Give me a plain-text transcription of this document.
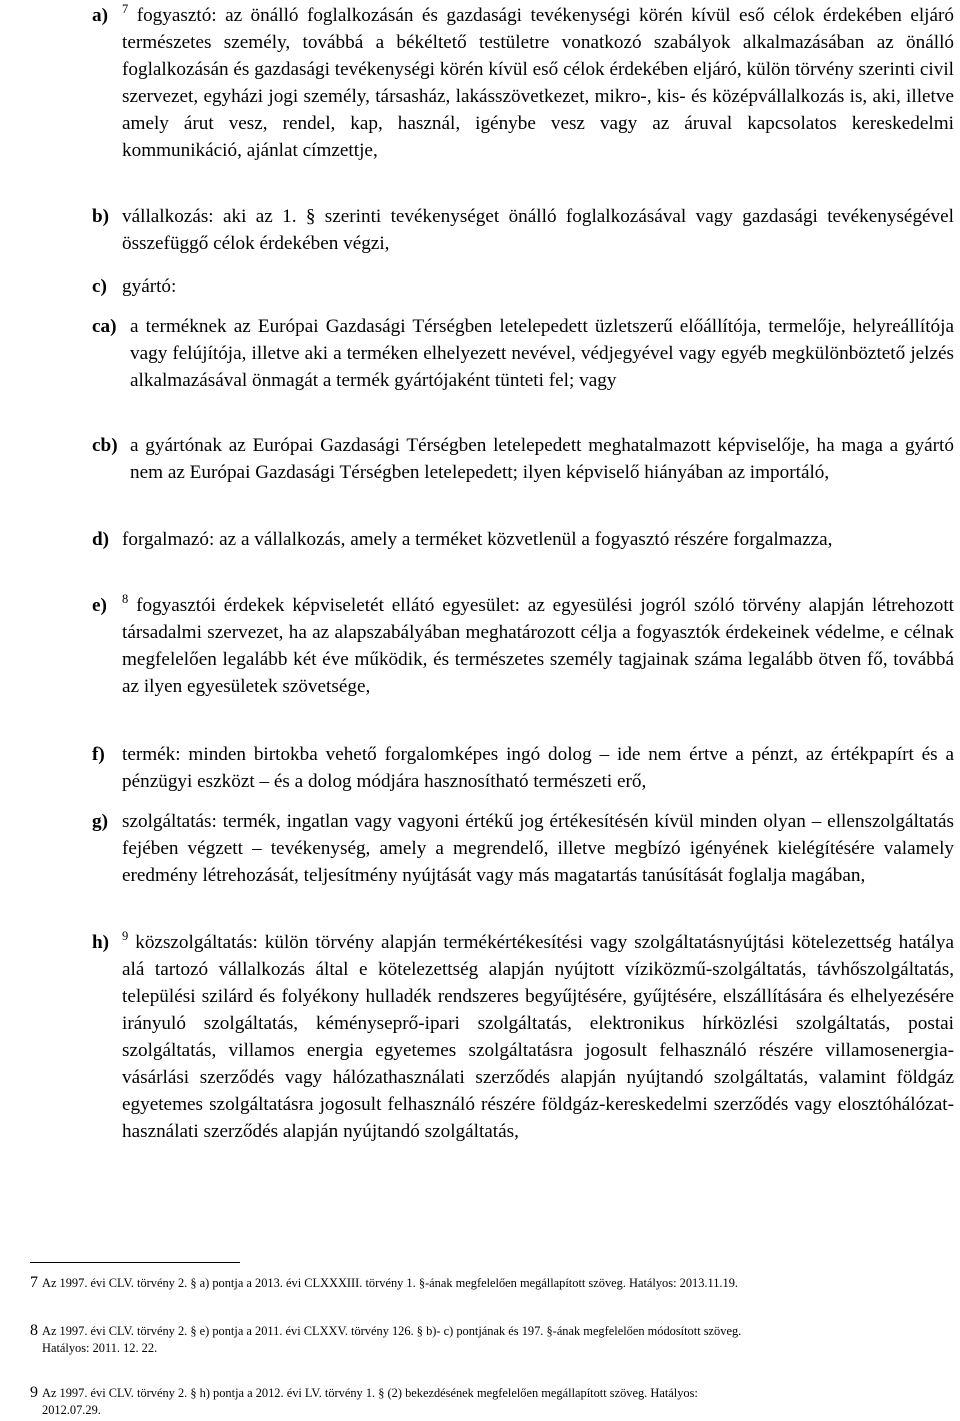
a)	$^7$ fogyasztó: az önálló foglalkozásán és gazdasági tevékenységi körén kívül eső célok érdekében eljáró természetes személy, továbbá a békéltető testületre vonatkozó szabályok alkalmazásában az önálló foglalkozásán és gazdasági tevékenységi körén kívül eső célok érdekében eljáró, külön törvény szerinti civil szervezet, egyházi jogi személy, társasház, lakásszövetkezet, mikro-, kis- és középvállalkozás is, aki, illetve amely árut vesz, rendel, kap, használ, igénybe vesz vagy az áruval kapcsolatos kereskedelmi kommunikáció, ajánlat címzettje,
b) vállalkozás: aki az 1. § szerinti tevékenységet önálló foglalkozásával vagy gazdasági tevékenységével összefüggő célok érdekében végzi,
c) gyártó:
ca) a terméknek az Európai Gazdasági Térségben letelepedett üzletszerű előállítója, termelője, helyreállítója vagy felújítója, illetve aki a terméken elhelyezett nevével, védjegyével vagy egyéb megkülönböztető jelzés alkalmazásával önmagát a termék gyártójaként tünteti fel; vagy
cb) a gyártónak az Európai Gazdasági Térségben letelepedett meghatalmazott képviselője, ha maga a gyártó nem az Európai Gazdasági Térségben letelepedett; ilyen képviselő hiányában az importáló,
d) forgalmazó: az a vállalkozás, amely a terméket közvetlenül a fogyasztó részére forgalmazza,
e)	$^8$ fogyasztói érdekek képviseletét ellátó egyesület: az egyesülési jogról szóló törvény alapján létrehozott társadalmi szervezet, ha az alapszabályában meghatározott célja a fogyasztók érdekeinek védelme, e célnak megfelelően legalább két éve működik, és természetes személy tagjainak száma legalább ötven fő, továbbá az ilyen egyesületek szövetsége,
f) termék: minden birtokba vehető forgalomképes ingó dolog – ide nem értve a pénzt, az értékpapírt és a pénzügyi eszközt – és a dolog módjára hasznosítható természeti erő,
g) szolgáltatás: termék, ingatlan vagy vagyoni értékű jog értékesítésén kívül minden olyan – ellenszolgáltatás fejében végzett – tevékenység, amely a megrendelő, illetve megbízó igényének kielégítésére valamely eredmény létrehozását, teljesítmény nyújtását vagy más magatartás tanúsítását foglalja magában,
h)	$^9$ közszolgáltatás: külön törvény alapján termékértékesítési vagy szolgáltatásnyújtási kötelezettség hatálya alá tartozó vállalkozás által e kötelezettség alapján nyújtott víziközmű-szolgáltatás, távhőszolgáltatás, települési szilárd és folyékony hulladék rendszeres begyűjtésére, gyűjtésére, elszállítására és elhelyezésére irányuló szolgáltatás, kéményseprő-ipari szolgáltatás, elektronikus hírközlési szolgáltatás, postai szolgáltatás, villamos energia egyetemes szolgáltatásra jogosult felhasználó részére villamosenergia-vásárlási szerződés vagy hálózathasználati szerződés alapján nyújtandó szolgáltatás, valamint földgáz egyetemes szolgáltatásra jogosult felhasználó részére földgáz-kereskedelmi szerződés vagy elosztóhálózat-használati szerződés alapján nyújtandó szolgáltatás,
7 Az 1997. évi CLV. törvény 2. § a) pontja a 2013. évi CLXXXIII. törvény 1. §-ának megfelelően megállapított szöveg. Hatályos: 2013.11.19.
8 Az 1997. évi CLV. törvény 2. § e) pontja a 2011. évi CLXXV. törvény 126. § b)- c) pontjának és 197. §-ának megfelelően módosított szöveg.
Hatályos: 2011. 12. 22.
9 Az 1997. évi CLV. törvény 2. § h) pontja a 2012. évi LV. törvény 1. § (2) bekezdésének megfelelően megállapított szöveg. Hatályos:
2012.07.29.
